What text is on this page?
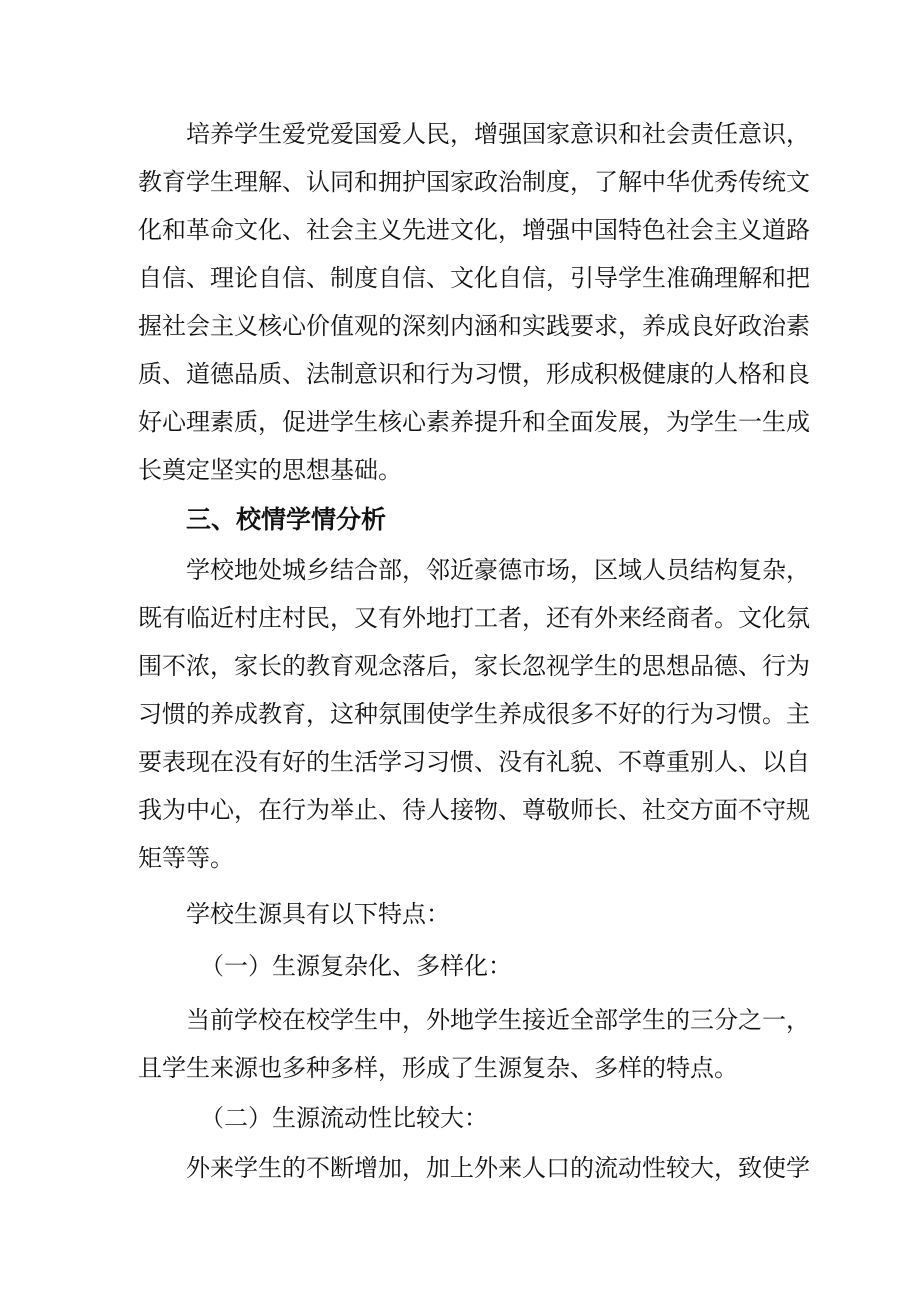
培养学生爱党爱国爱人民，增强国家意识和社会责任意识，
教育学生理解、认同和拥护国家政治制度，了解中华优秀传统文
化和革命文化、社会主义先进文化，增强中国特色社会主义道路
自信、理论自信、制度自信、文化自信，引导学生准确理解和把
握社会主义核心价值观的深刻内涵和实践要求，养成良好政治素
质、道德品质、法制意识和行为习惯，形成积极健康的人格和良
好心理素质，促进学生核心素养提升和全面发展，为学生一生成
长奠定坚实的思想基础。
三、校情学情分析
学校地处城乡结合部，邻近豪德市场，区域人员结构复杂，
既有临近村庄村民，又有外地打工者，还有外来经商者。文化氛
围不浓，家长的教育观念落后，家长忽视学生的思想品德、行为
习惯的养成教育，这种氛围使学生养成很多不好的行为习惯。主
要表现在没有好的生活学习习惯、没有礼貌、不尊重别人、以自
我为中心，在行为举止、待人接物、尊敬师长、社交方面不守规
矩等等。
学校生源具有以下特点：
（一）生源复杂化、多样化：
当前学校在校学生中，外地学生接近全部学生的三分之一，
且学生来源也多种多样，形成了生源复杂、多样的特点。
（二）生源流动性比较大：
外来学生的不断增加，加上外来人口的流动性较大，致使学
